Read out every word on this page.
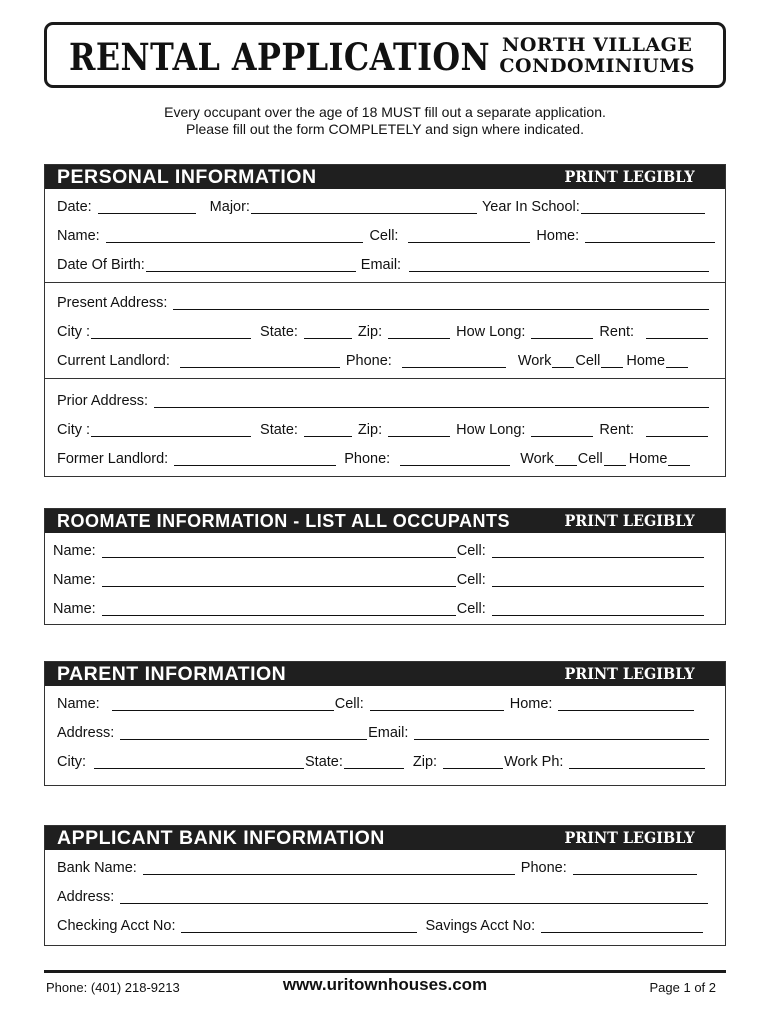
RENTAL APPLICATION NORTH VILLAGE
CONDOMINIUMS
Every occupant over the age of 18 MUST fill out a separate application.
Please fill out the form COMPLETELY and sign where indicated.
PERSONAL INFORMATION	PRINT LEGIBLY
Date:	Major:	Year In School:
Name:	Cell:	Home:
Date Of Birth:	Email:
Present Address:
City :	State:	Zip:	How Long:	Rent:
Current Landlord:	Phone:	Work Cell Home
Prior Address:
City :	State:	Zip:	How Long:	Rent:
Former Landlord:	Phone:	Work Cell Home
ROOMATE INFORMATION - LIST ALL OCCUPANTS	PRINT LEGIBLY
Name:	Cell:
Name:	Cell:
Name:	Cell:
PARENT INFORMATION	PRINT LEGIBLY
Name:	Cell:	Home:
Address:	Email:
City:	State:	Zip:	Work Ph:
APPLICANT BANK INFORMATION	PRINT LEGIBLY
Bank Name:	Phone:
Address:
Checking Acct No:	Savings Acct No:
Phone: (401) 218-9213	www.uritownhouses.com	Page 1 of 2
